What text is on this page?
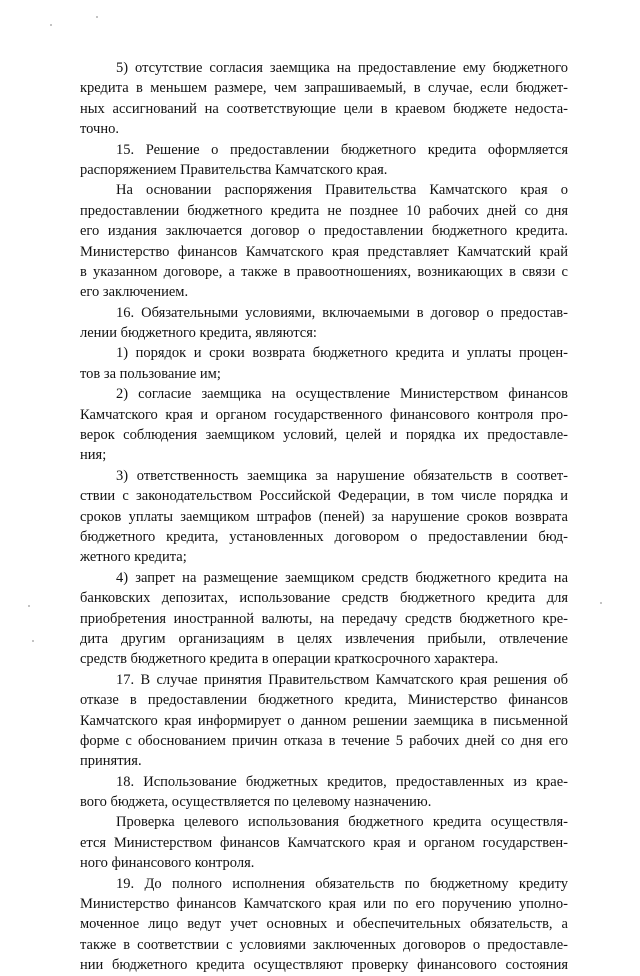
5) отсутствие согласия заемщика на предоставление ему бюджетного
кредита в меньшем размере, чем запрашиваемый, в случае, если бюджет-
ных ассигнований на соответствующие цели в краевом бюджете недоста-
точно.
15. Решение о предоставлении бюджетного кредита оформляется
распоряжением Правительства Камчатского края.
На основании распоряжения Правительства Камчатского края о
предоставлении бюджетного кредита не позднее 10 рабочих дней со дня
его издания заключается договор о предоставлении бюджетного кредита.
Министерство финансов Камчатского края представляет Камчатский край
в указанном договоре, а также в правоотношениях, возникающих в связи с
его заключением.
16. Обязательными условиями, включаемыми в договор о предостав-
лении бюджетного кредита, являются:
1) порядок и сроки возврата бюджетного кредита и уплаты процен-
тов за пользование им;
2) согласие заемщика на осуществление Министерством финансов
Камчатского края и органом государственного финансового контроля про-
верок соблюдения заемщиком условий, целей и порядка их предоставле-
ния;
3) ответственность заемщика за нарушение обязательств в соответ-
ствии с законодательством Российской Федерации, в том числе порядка и
сроков уплаты заемщиком штрафов (пеней) за нарушение сроков возврата
бюджетного кредита, установленных договором о предоставлении бюд-
жетного кредита;
4) запрет на размещение заемщиком средств бюджетного кредита на
банковских депозитах, использование средств бюджетного кредита для
приобретения иностранной валюты, на передачу средств бюджетного кре-
дита другим организациям в целях извлечения прибыли, отвлечение
средств бюджетного кредита в операции краткосрочного характера.
17. В случае принятия Правительством Камчатского края решения об
отказе в предоставлении бюджетного кредита, Министерство финансов
Камчатского края информирует о данном решении заемщика в письменной
форме с обоснованием причин отказа в течение 5 рабочих дней со дня его
принятия.
18. Использование бюджетных кредитов, предоставленных из крае-
вого бюджета, осуществляется по целевому назначению.
Проверка целевого использования бюджетного кредита осуществля-
ется Министерством финансов Камчатского края и органом государствен-
ного финансового контроля.
19. До полного исполнения обязательств по бюджетному кредиту
Министерство финансов Камчатского края или по его поручению уполно-
моченное лицо ведут учет основных и обеспечительных обязательств, а
также в соответствии с условиями заключенных договоров о предоставле-
нии бюджетного кредита осуществляют проверку финансового состояния
